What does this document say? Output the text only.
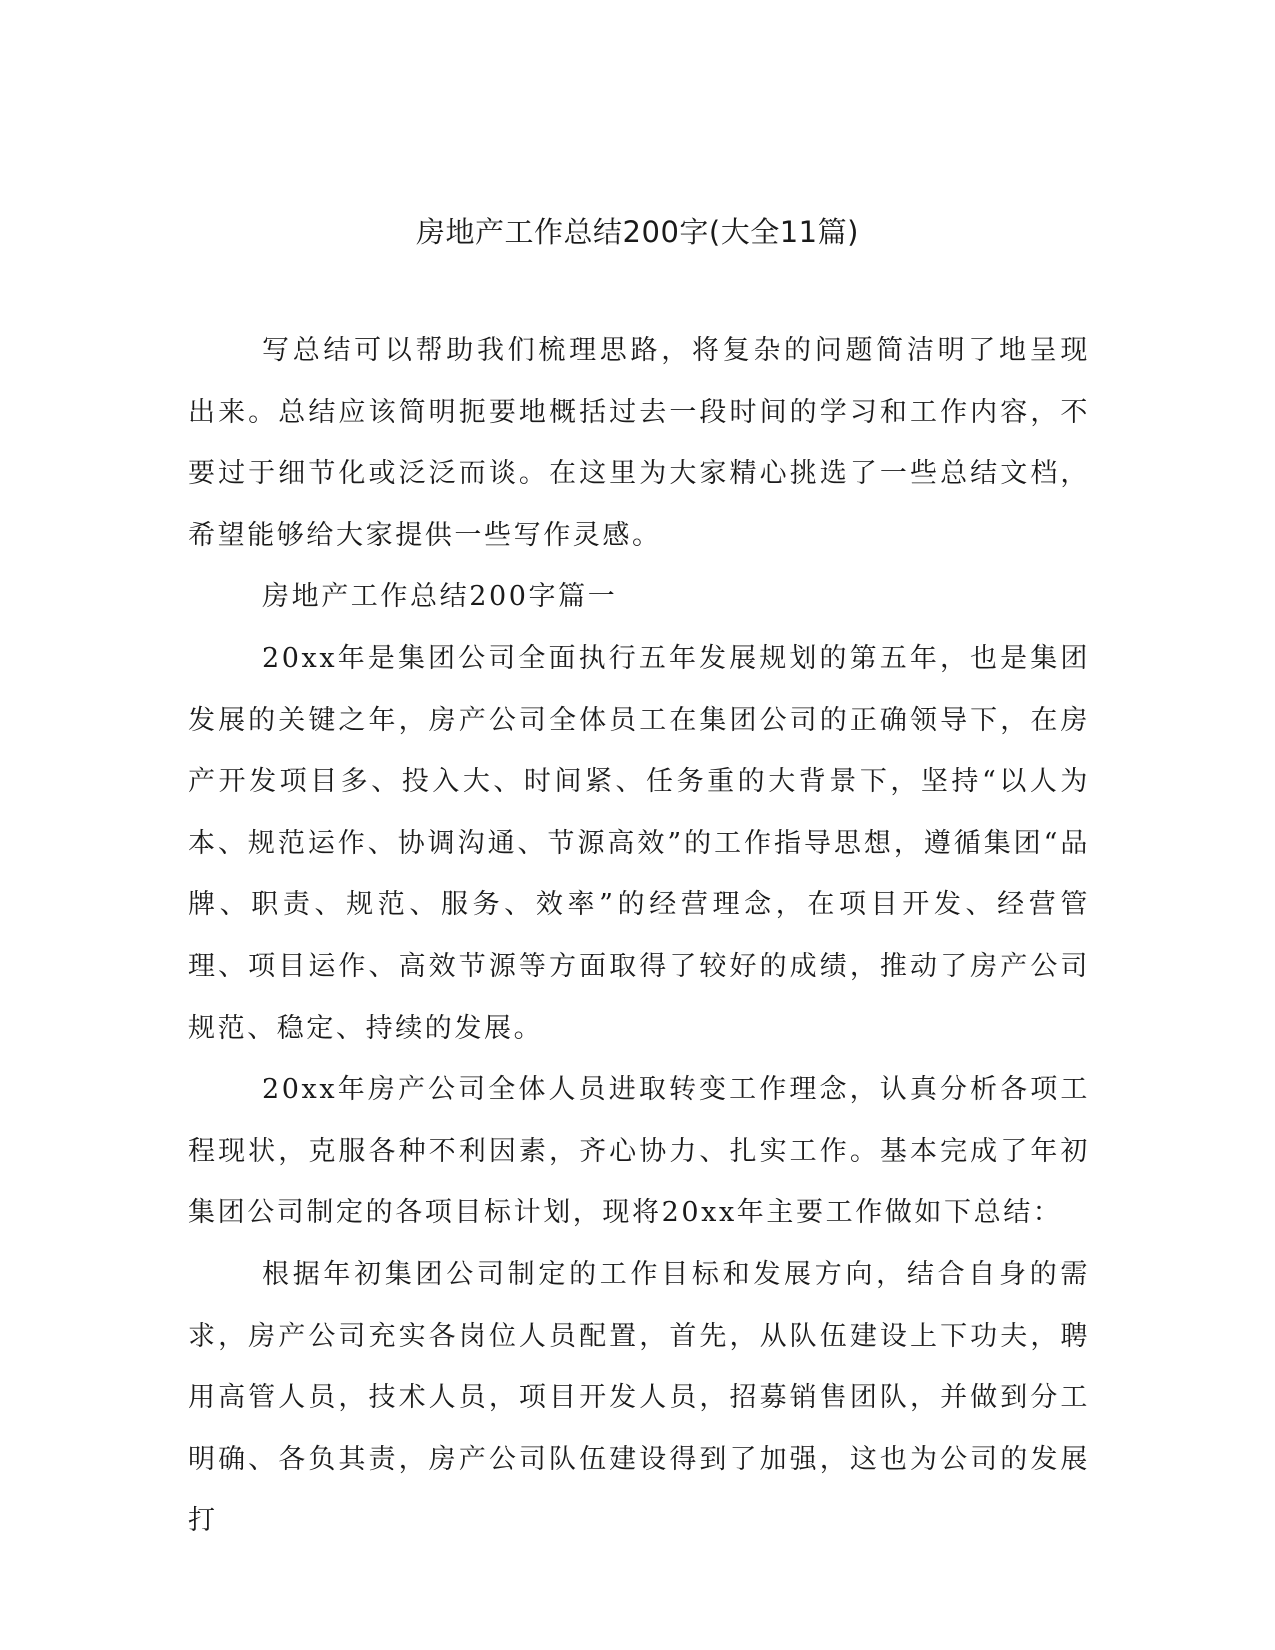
房地产工作总结200字(大全11篇)

写总结可以帮助我们梳理思路，将复杂的问题简洁明了地呈现出来。总结应该简明扼要地概括过去一段时间的学习和工作内容，不要过于细节化或泛泛而谈。在这里为大家精心挑选了一些总结文档，希望能够给大家提供一些写作灵感。

房地产工作总结200字篇一

20xx年是集团公司全面执行五年发展规划的第五年，也是集团发展的关键之年，房产公司全体员工在集团公司的正确领导下，在房产开发项目多、投入大、时间紧、任务重的大背景下，坚持“以人为本、规范运作、协调沟通、节源高效”的工作指导思想，遵循集团“品牌、职责、规范、服务、效率”的经营理念，在项目开发、经营管理、项目运作、高效节源等方面取得了较好的成绩，推动了房产公司规范、稳定、持续的发展。

20xx年房产公司全体人员进取转变工作理念，认真分析各项工程现状，克服各种不利因素，齐心协力、扎实工作。基本完成了年初集团公司制定的各项目标计划，现将20xx年主要工作做如下总结：

根据年初集团公司制定的工作目标和发展方向，结合自身的需求，房产公司充实各岗位人员配置，首先，从队伍建设上下功夫，聘用高管人员，技术人员，项目开发人员，招募销售团队，并做到分工明确、各负其责，房产公司队伍建设得到了加强，这也为公司的发展打
